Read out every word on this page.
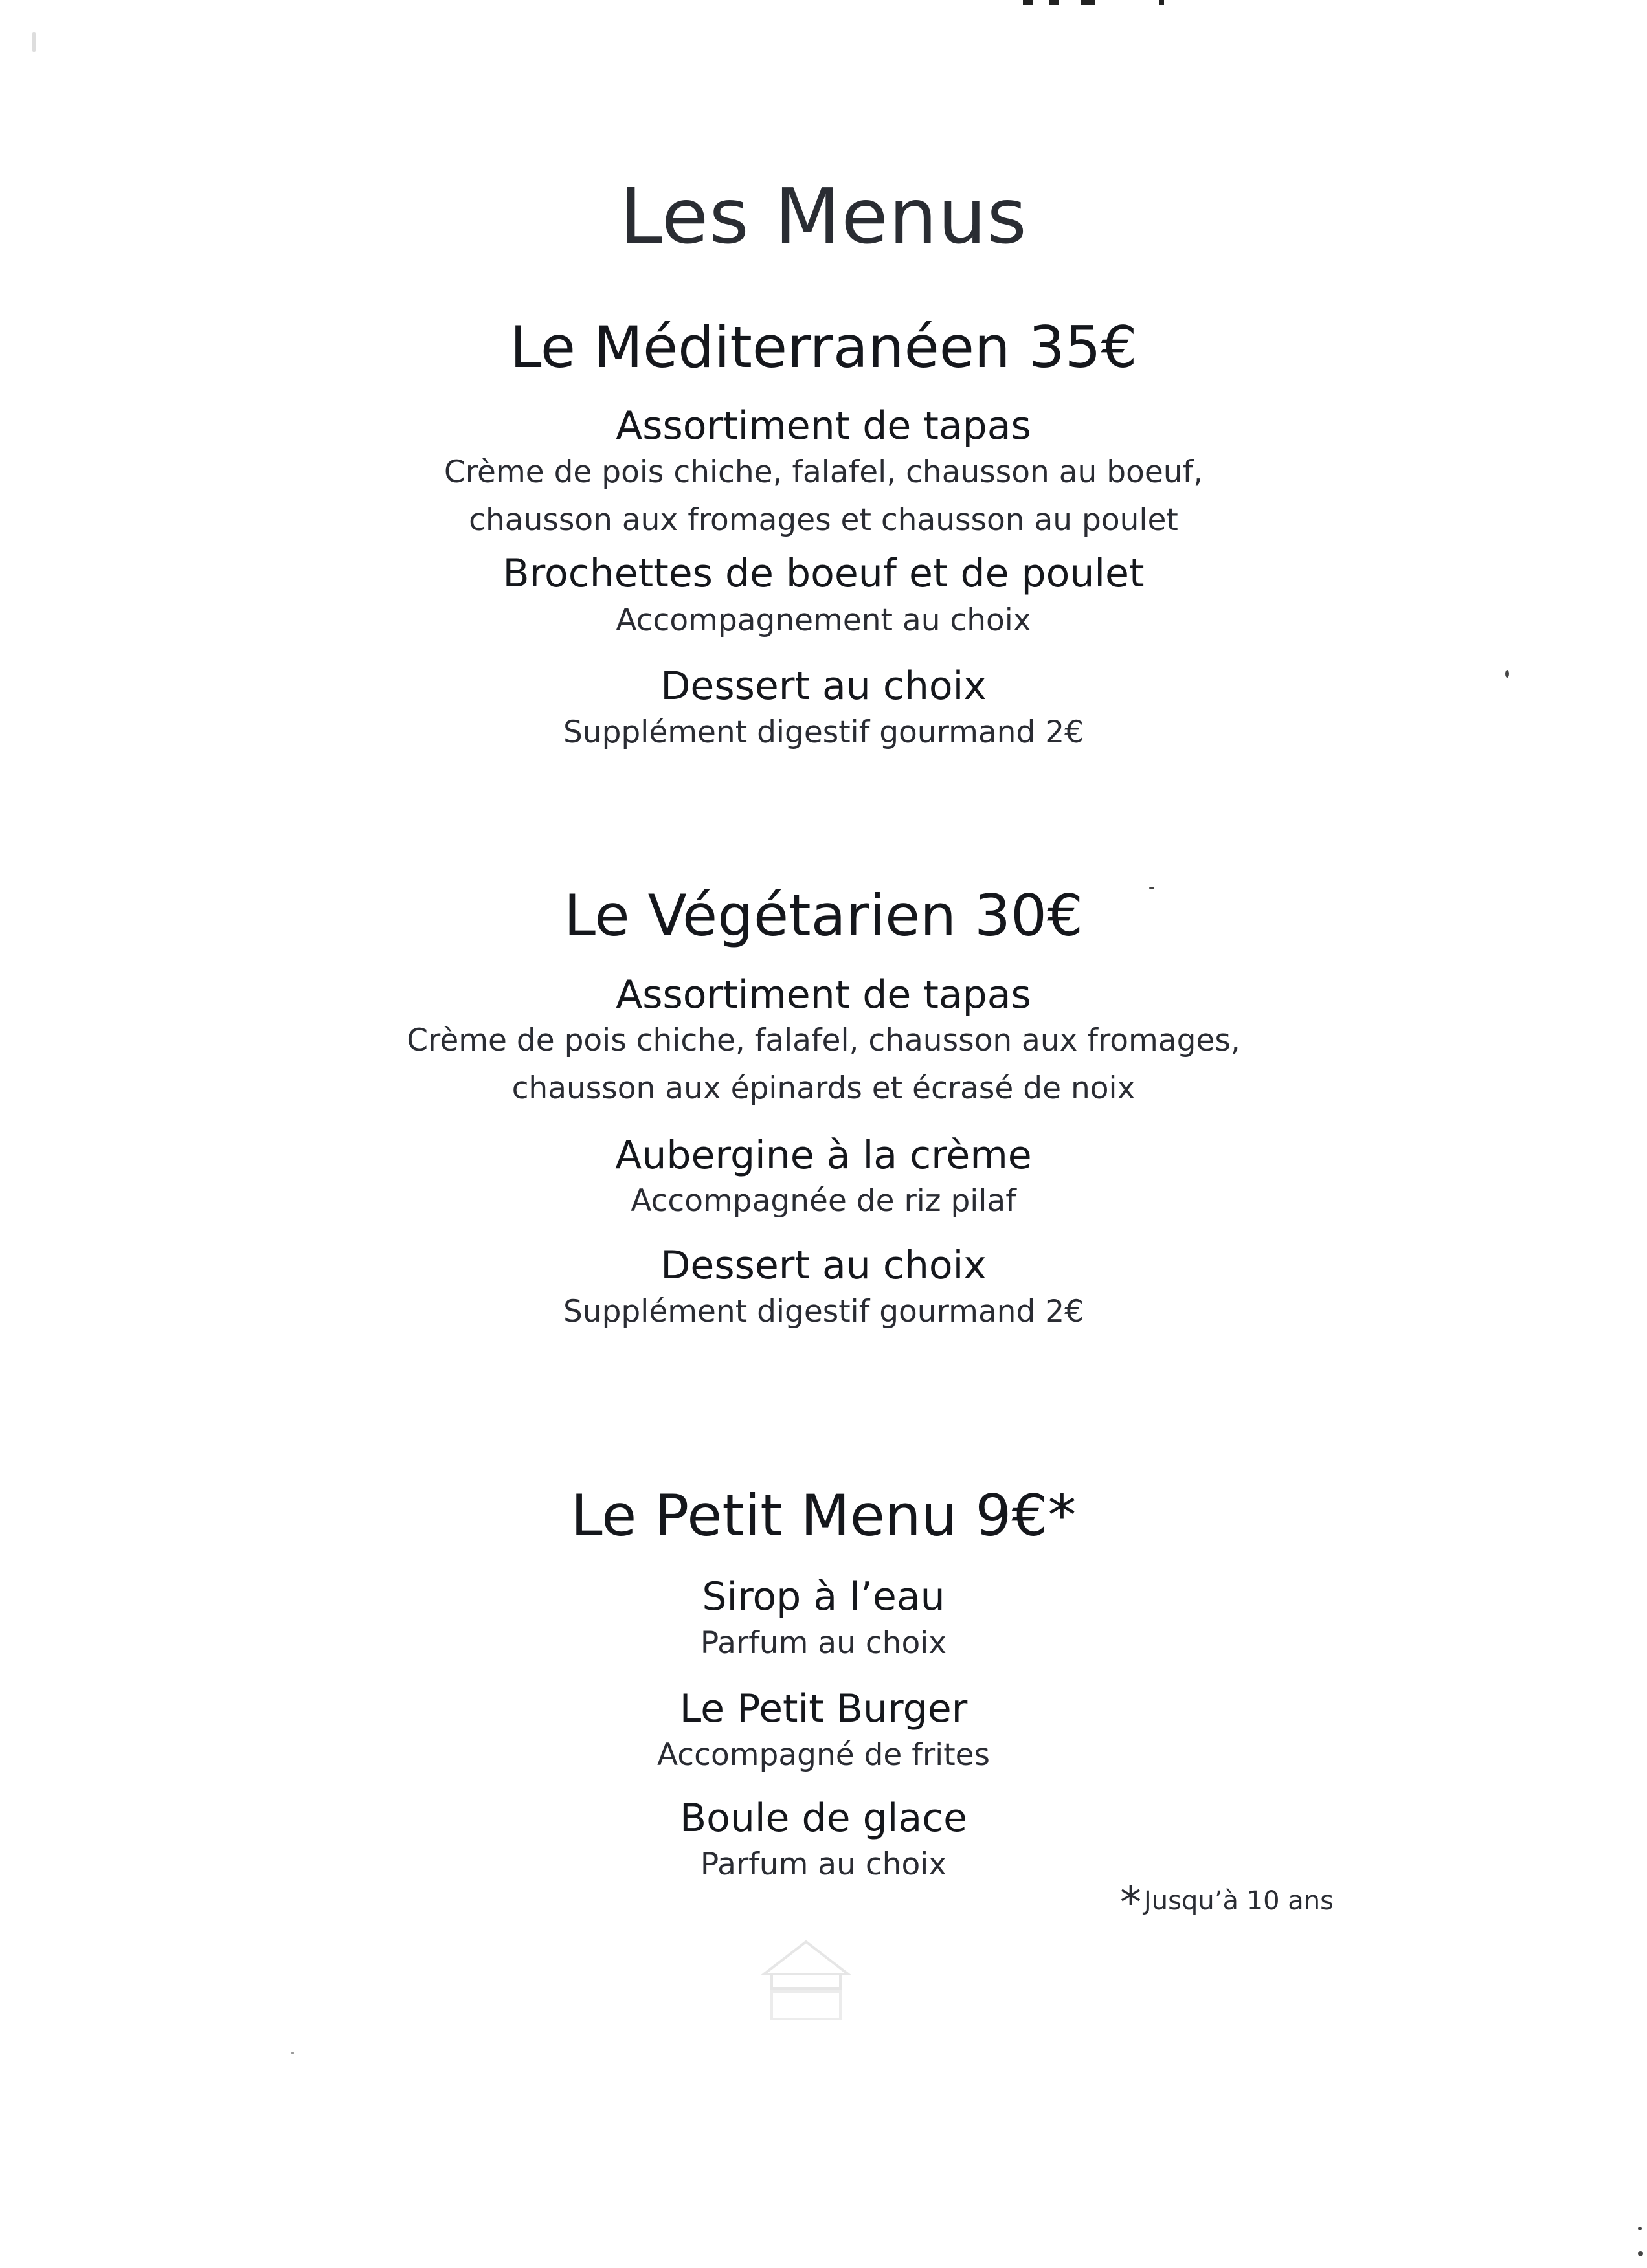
Les Menus
Le Méditerranéen 35€
Assortiment de tapas
Crème de pois chiche, falafel, chausson au boeuf,
chausson aux fromages et chausson au poulet
Brochettes de boeuf et de poulet
Accompagnement au choix
Dessert au choix
Supplément digestif gourmand 2€
Le Végétarien 30€
Assortiment de tapas
Crème de pois chiche, falafel, chausson aux fromages,
chausson aux épinards et écrasé de noix
Aubergine à la crème
Accompagnée de riz pilaf
Dessert au choix
Supplément digestif gourmand 2€
Le Petit Menu 9€*
Sirop à l’eau
Parfum au choix
Le Petit Burger
Accompagné de frites
Boule de glace
Parfum au choix
* Jusqu’à 10 ans
